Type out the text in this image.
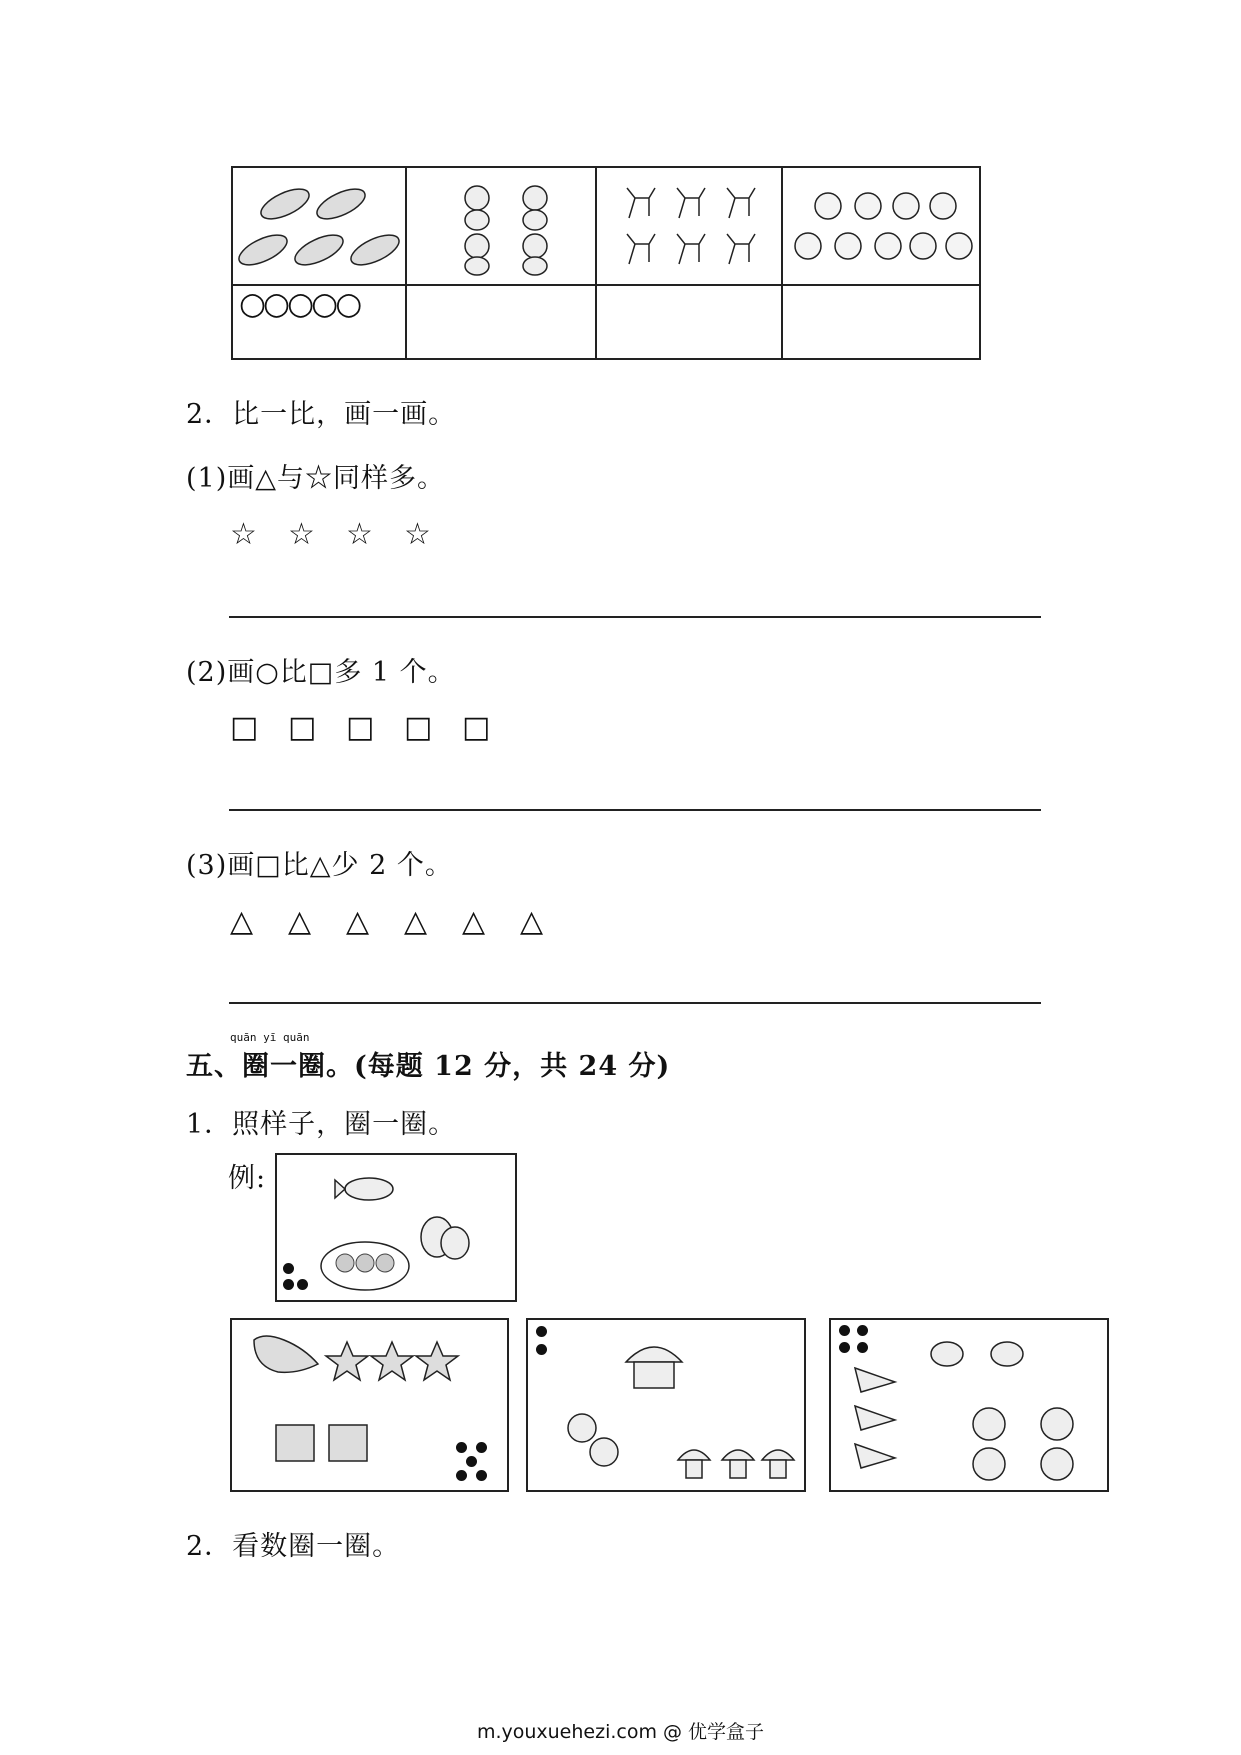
○○○○○			

2．比一比，画一画。
(1)画△与☆同样多。
☆	☆	☆	☆
(2)画○比□多 1 个。
□ □ □ □ □
(3)画□比△少 2 个。
△	△	△	△	△	△
quān yī quān
五、圈一圈。(每题 12 分，共 24 分)
1．照样子，圈一圈。
例:
2．看数圈一圈。
m.youxuehezi.com @ 优学盒子
